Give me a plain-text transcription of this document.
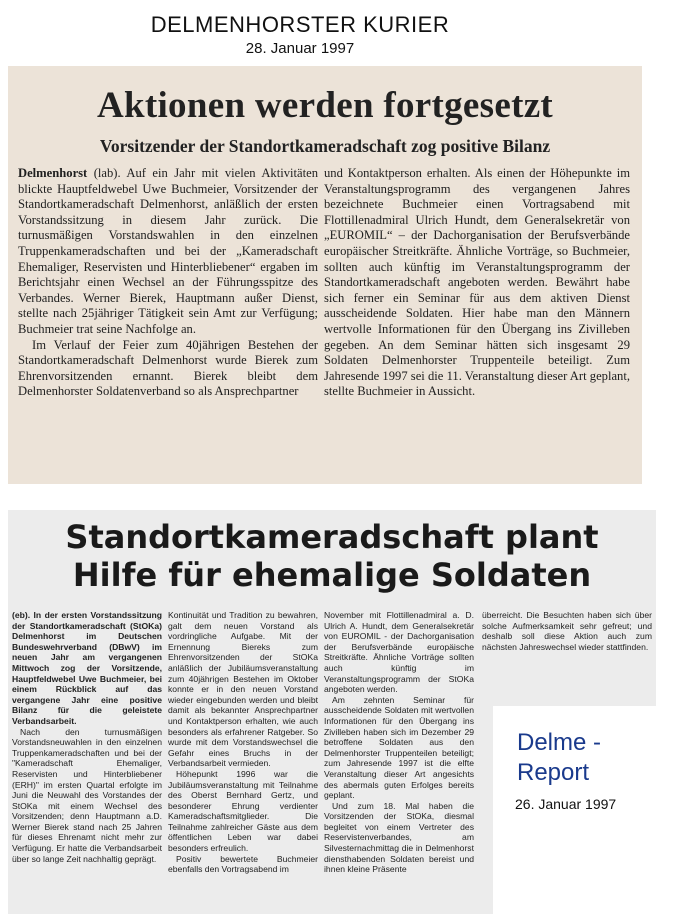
DELMENHORSTER KURIER
28. Januar 1997
Aktionen werden fortgesetzt
Vorsitzender der Standortkameradschaft zog positive Bilanz

Delmenhorst (lab). Auf ein Jahr mit vielen Aktivitäten blickte Hauptfeldwebel Uwe Buchmeier, Vorsitzender der Standortkameradschaft Delmenhorst, anläßlich der ersten Vorstandssitzung in diesem Jahr zurück. Die turnusmäßigen Vorstandswahlen in den einzelnen Truppenkameradschaften und bei der „Kameradschaft Ehemaliger, Reservisten und Hinterbliebener“ ergaben im Berichtsjahr einen Wechsel an der Führungsspitze des Verbandes. Werner Bierek, Hauptmann außer Dienst, stellte nach 25jähriger Tätigkeit sein Amt zur Verfügung; Buchmeier trat seine Nachfolge an.

Im Verlauf der Feier zum 40jährigen Bestehen der Standortkameradschaft Delmenhorst wurde Bierek zum Ehrenvorsitzenden ernannt. Bierek bleibt dem Delmenhorster Soldatenverband so als Ansprechpartner

und Kontaktperson erhalten. Als einen der Höhepunkte im Veranstaltungsprogramm des vergangenen Jahres bezeichnete Buchmeier einen Vortragsabend mit Flottillenadmiral Ulrich Hundt, dem Generalsekretär von „EUROMIL“ – der Dachorganisation der Berufsverbände europäischer Streitkräfte. Ähnliche Vorträge, so Buchmeier, sollten auch künftig im Veranstaltungsprogramm der Standortkameradschaft angeboten werden. Bewährt habe sich ferner ein Seminar für aus dem aktiven Dienst ausscheidende Soldaten. Hier habe man den Männern wertvolle Informationen für den Übergang ins Zivilleben gegeben. An dem Seminar hätten sich insgesamt 29 Soldaten Delmenhorster Truppenteile beteiligt. Zum Jahresende 1997 sei die 11. Veranstaltung dieser Art geplant, stellte Buchmeier in Aussicht.

Standortkameradschaft plant
Hilfe für ehemalige Soldaten

(eb). In der ersten Vorstandssitzung der Standortkameradschaft (StOKa) Delmenhorst im Deutschen Bundeswehrverband (DBwV) im neuen Jahr am vergangenen Mittwoch zog der Vorsitzende, Hauptfeldwebel Uwe Buchmeier, bei einem Rückblick auf das vergangene Jahr eine positive Bilanz für die geleistete Verbandsarbeit.

Nach den turnusmäßigen Vorstandsneuwahlen in den einzelnen Truppenkameradschaften und bei der "Kameradschaft Ehemaliger, Reservisten und Hinterbliebener (ERH)" im ersten Quartal erfolgte im Juni die Neuwahl des Vorstandes der StOKa mit einem Wechsel des Vorsitzenden; denn Hauptmann a.D. Werner Bierek stand nach 25 Jahren für dieses Ehrenamt nicht mehr zur Verfügung. Er hatte die Verbandsarbeit über so lange Zeit nachhaltig geprägt.

Kontinuität und Tradition zu bewahren, galt dem neuen Vorstand als vordringliche Aufgabe. Mit der Ernennung Biereks zum Ehrenvorsitzenden der StOKa anläßlich der Jubiläumsveranstaltung zum 40jährigen Bestehen im Oktober konnte er in den neuen Vorstand wieder eingebunden werden und bleibt damit als bekannter Ansprechpartner und Kontaktperson erhalten, wie auch besonders als erfahrener Ratgeber. So wurde mit dem Vorstandswechsel die Gefahr eines Bruchs in der Verbandsarbeit vermieden.

Höhepunkt 1996 war die Jubiläumsveranstaltung mit Teilnahme des Oberst Bernhard Gertz, und besonderer Ehrung verdienter Kameradschaftsmitglieder. Die Teilnahme zahlreicher Gäste aus dem öffentlichen Leben war dabei besonders erfreulich.

Positiv bewertete Buchmeier ebenfalls den Vortragsabend im

November mit Flottillenadmiral a. D. Ulrich A. Hundt, dem Generalsekretär von EUROMIL - der Dachorganisation der Berufsverbände europäische Streitkräfte. Ähnliche Vorträge sollten auch künftig im Veranstaltungsprogramm der StOKa angeboten werden.

Am zehnten Seminar für ausscheidende Soldaten mit wertvollen Informationen für den Übergang ins Zivilleben haben sich im Dezember 29 betroffene Soldaten aus den Delmenhorster Truppenteilen beteiligt; zum Jahresende 1997 ist die elfte Veranstaltung dieser Art angesichts des abermals guten Erfolges bereits geplant.

Und zum 18. Mal haben die Vorsitzenden der StOKa, diesmal begleitet von einem Vertreter des Reservistenverbandes, am Silvesternachmittag die in Delmenhorst diensthabenden Soldaten bereist und ihnen kleine Präsente

überreicht. Die Besuchten haben sich über solche Aufmerksamkeit sehr gefreut; und deshalb soll diese Aktion auch zum nächsten Jahreswechsel wieder stattfinden.

Delme -
Report
26. Januar 1997
